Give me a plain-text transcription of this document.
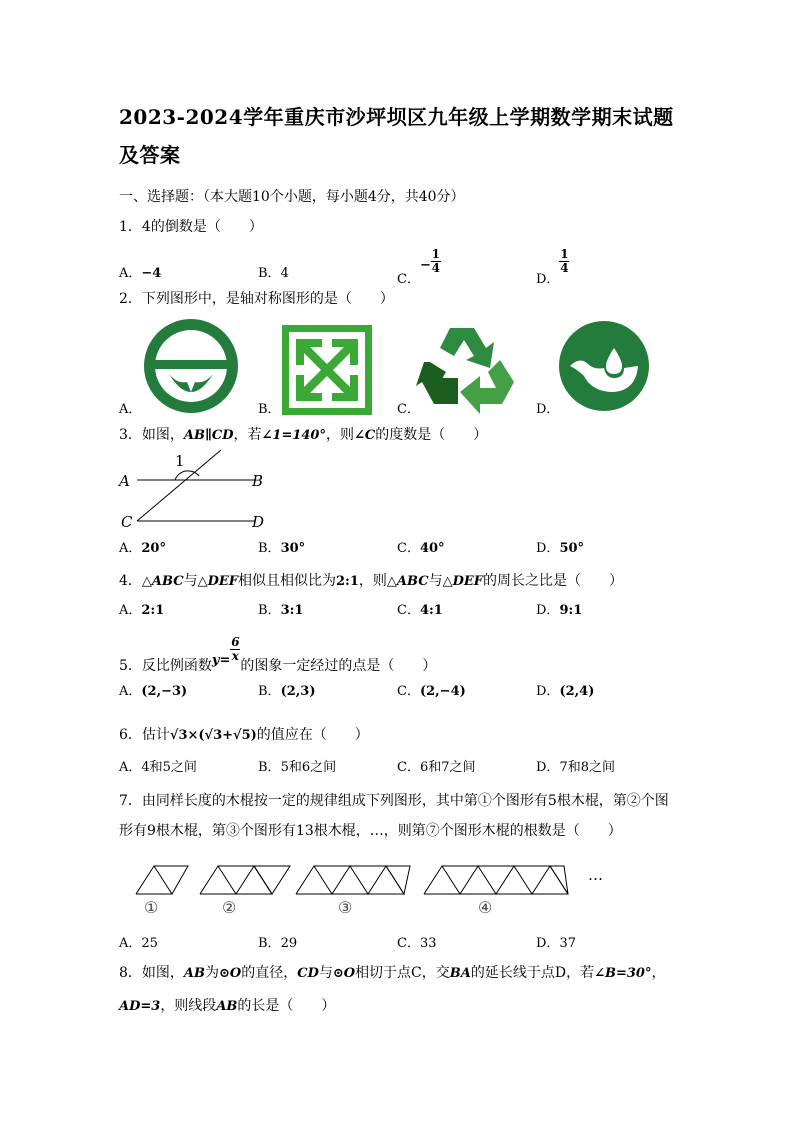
2023-2024学年重庆市沙坪坝区九年级上学期数学期末试题及答案
一、选择题：（本大题10个小题，每小题4分，共40分）
1．4的倒数是（　　）
A．−4	B．4	C．− $\frac{1}{4}$
D．
$\frac{1}{4}$
2．下列图形中，是轴对称图形的是（　　）
A．	B．	C．	D．
3．如图，AB∥CD，若∠1=140°，则∠C的度数是（　　）
1
A	B
C	D
A．20°	B．30°	C．40°	D．50°
4．△ABC与△DEF相似且相似比为2:1，则△ABC与△DEF的周长之比是（　　）
A．2:1	B．3:1	C．4:1	D．9:1
5．反比例函数$y= \frac{6}{x}$
的图象一定经过的点是（　　）
A．(2,−3)	B．(2,3)	C．(2,−4)	D．(2,4)
6．估计√3×(√3+√5)的值应在（　　）
A．4和5之间	B．5和6之间	C．6和7之间	D．7和8之间
7．由同样长度的木棍按一定的规律组成下列图形，其中第①个图形有5根木棍，第②个图
形有9根木棍，第③个图形有13根木棍，…，则第⑦个图形木棍的根数是（　　）
…
①	②	③	④
A．25	B．29	C．33	D．37
8．如图，AB为⊙O的直径，CD与⊙O相切于点C，交BA的延长线于点D，若∠B=30°，
AD=3，则线段AB的长是（　　）
